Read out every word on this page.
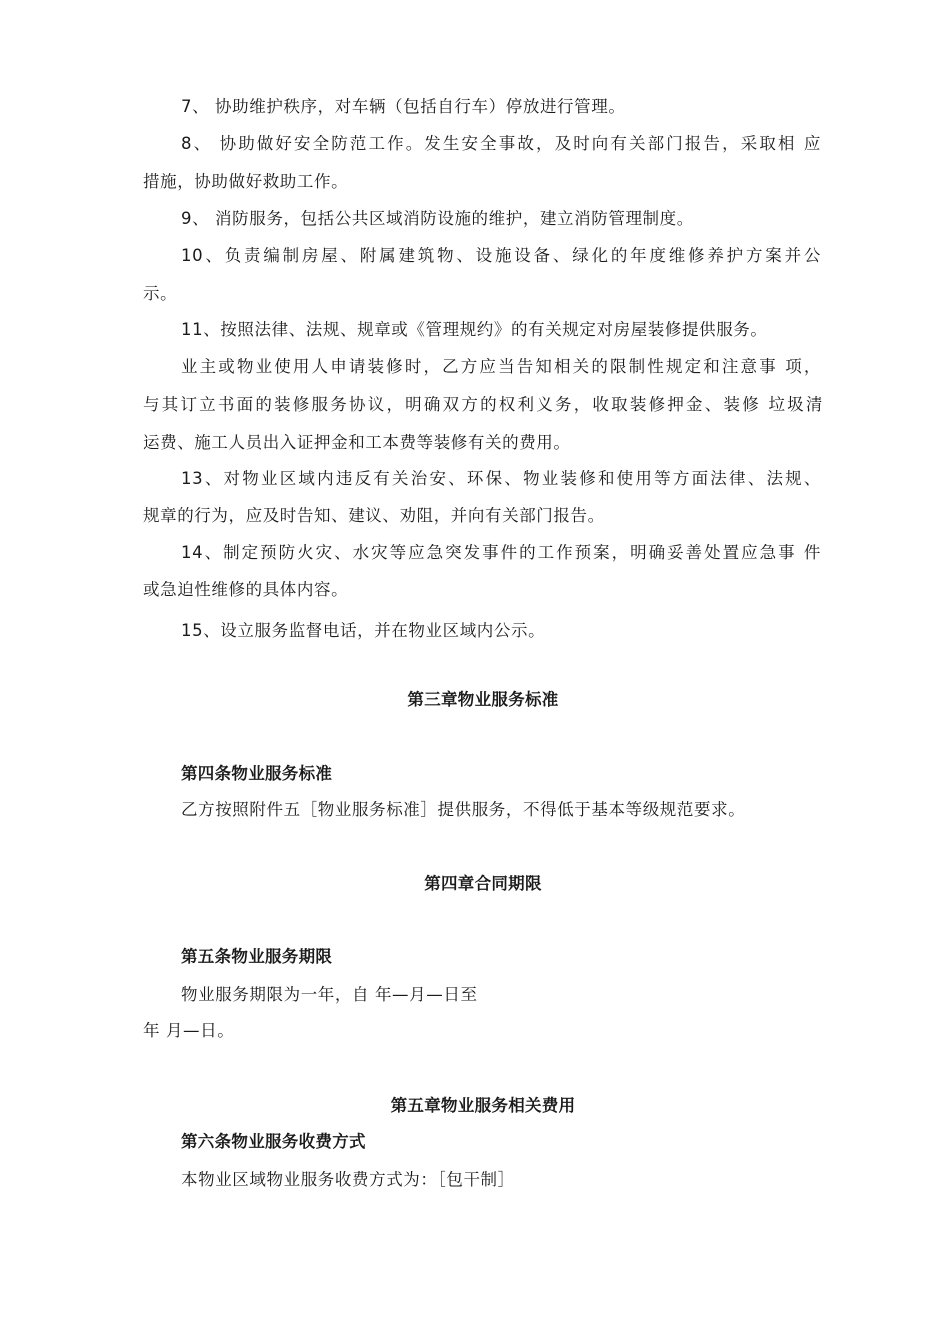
7、 协助维护秩序，对车辆（包括自行车）停放进行管理。
8、 协助做好安全防范工作。发生安全事故，及时向有关部门报告，采取相 应
措施，协助做好救助工作。
9、 消防服务，包括公共区域消防设施的维护，建立消防管理制度。
10、负责编制房屋、附属建筑物、设施设备、绿化的年度维修养护方案并公
示。
11、按照法律、法规、规章或《管理规约》的有关规定对房屋装修提供服务。
业主或物业使用人申请装修时，乙方应当告知相关的限制性规定和注意事 项，
与其订立书面的装修服务协议，明确双方的权利义务，收取装修押金、装修 垃圾清
运费、施工人员出入证押金和工本费等装修有关的费用。
13、对物业区域内违反有关治安、环保、物业装修和使用等方面法律、法规、
规章的行为，应及时告知、建议、劝阻，并向有关部门报告。
14、制定预防火灾、水灾等应急突发事件的工作预案，明确妥善处置应急事 件
或急迫性维修的具体内容。
15、设立服务监督电话，并在物业区域内公示。
第三章物业服务标准
第四条物业服务标准
乙方按照附件五［物业服务标准］提供服务，不得低于基本等级规范要求。
第四章合同期限
第五条物业服务期限
物业服务期限为一年，自 年—月—日至
年 月—日。
第五章物业服务相关费用
第六条物业服务收费方式
本物业区域物业服务收费方式为：［包干制］
